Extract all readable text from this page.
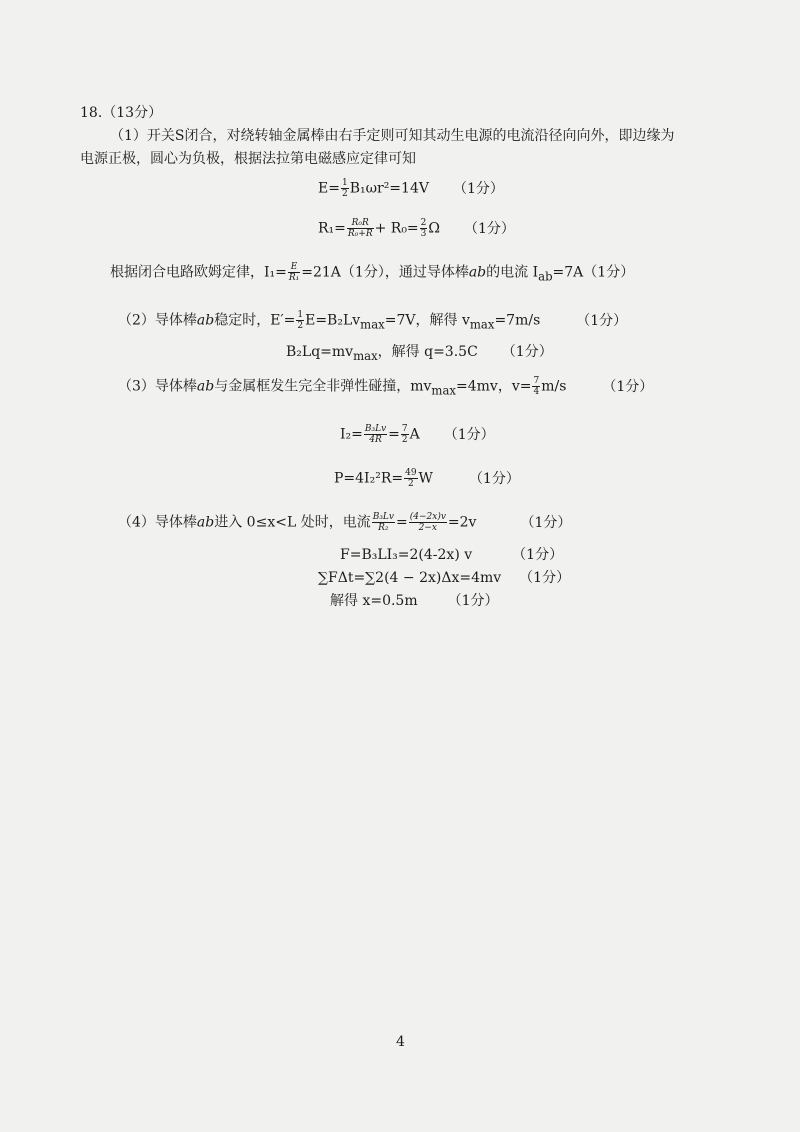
18.（13分）
（1）开关S闭合，对绕转轴金属棒由右手定则可知其动生电源的电流沿径向向外，即边缘为
电源正极，圆心为负极，根据法拉第电磁感应定律可知
$E= \frac{1}{2} B_1\omega r^2=14V$ （1分）
$R_1= \frac{\text{R₀R}}{\text{R₀+R}} + R_0= \frac{2}{3}$ Ω （1分）
根据闭合电路欧姆定律，$I_1= \frac{E}{\text{R₁}} =21A(1$分），通过导体棒ab的电流 $I_{ab}=7A(1$分）
（2）导体棒ab稳定时，$E'= \frac{1}{2} E=B_2Lv_{max}=7V$，解得 $v_{max}=7m/s$	（1分）
$B_2Lq=mv_{max}$，解得 q=3.5C （1分）
（3）导体棒ab与金属框发生完全非弹性碰撞，$mv_{max}=4mv$，$v= \frac{7}{4} m/s$	（1分）
$I_2= \frac{\text{B₃Lv}}{4R} = \frac{7}{2}$ A （1分）
$P=4I_2^2R= \frac{49}{2}$ W	（1分）
（4）导体棒ab进入 0≤x<L 处时，电流 $\frac{\text{B₃Lv}}{\text{R₂}} = \frac{(4-2x)v}{2-x} =2v$	（1分）
F=B₃LI₃=2(4-2x) v	（1分）
∑FΔt=∑2(4 − 2x)Δx=4mv （1分）
解得 x=0.5m （1分）
4
